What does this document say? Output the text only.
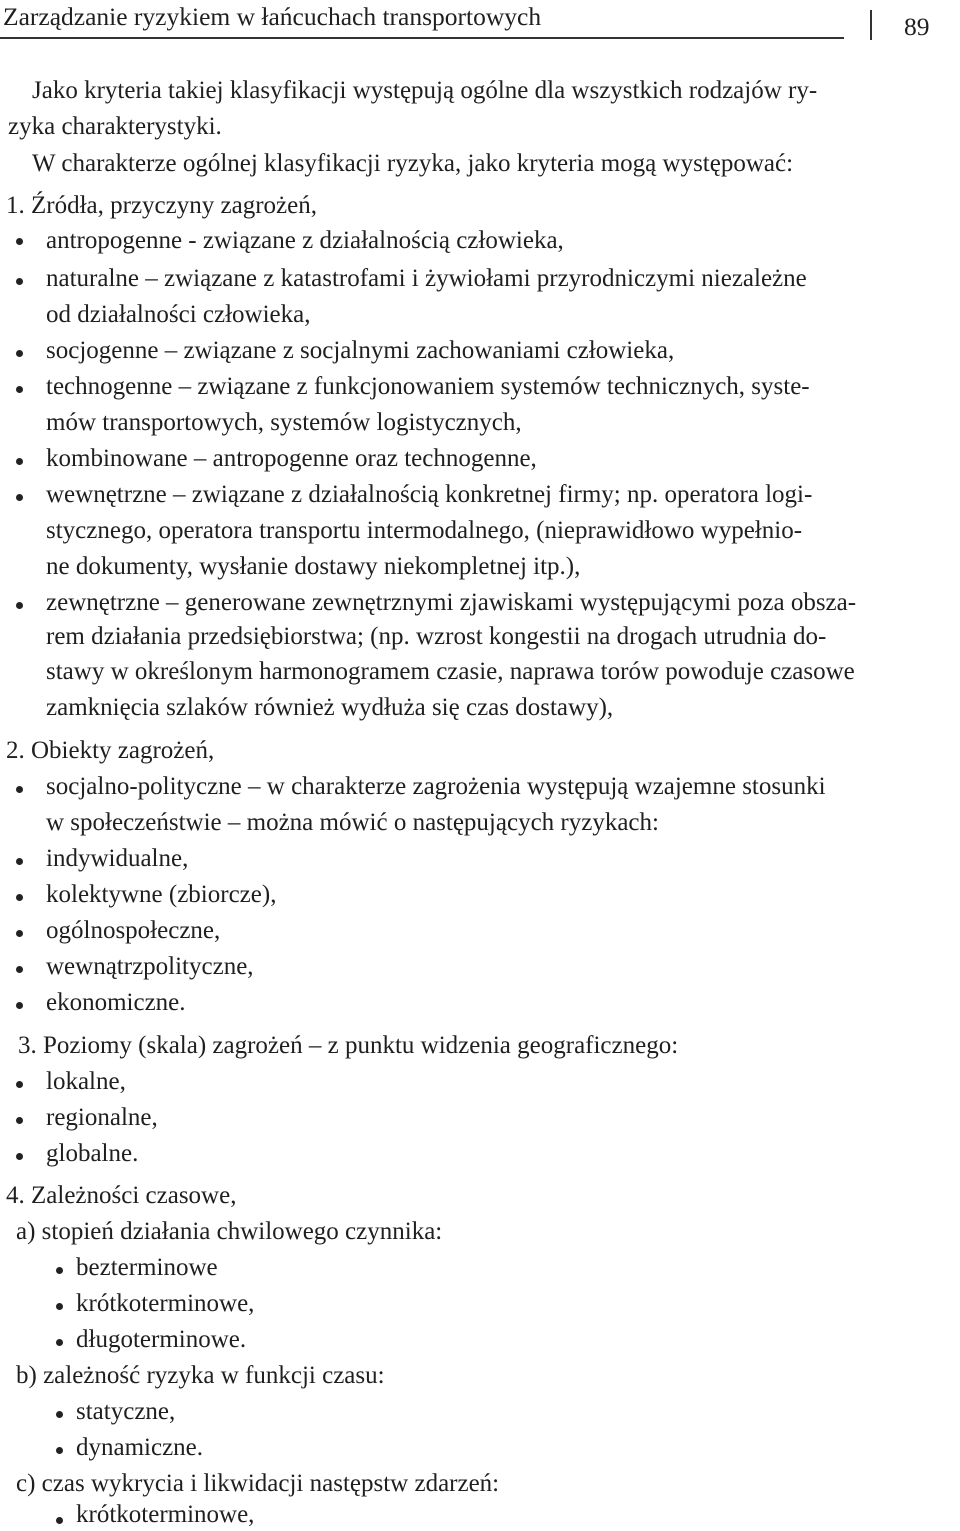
Zarządzanie ryzykiem w łańcuchach transportowych	89
Jako kryteria takiej klasyfikacji występują ogólne dla wszystkich rodzajów ry-
zyka charakterystyki.
W charakterze ogólnej klasyfikacji ryzyka, jako kryteria mogą występować:
1. Źródła, przyczyny zagrożeń,
antropogenne - związane z działalnością człowieka,
naturalne – związane z katastrofami i żywiołami przyrodniczymi niezależne
od działalności człowieka,
socjogenne – związane z socjalnymi zachowaniami człowieka,
technogenne – związane z funkcjonowaniem systemów technicznych, syste-
mów transportowych, systemów logistycznych,
kombinowane – antropogenne oraz technogenne,
wewnętrzne – związane z działalnością konkretnej firmy; np. operatora logi-
stycznego, operatora transportu intermodalnego, (nieprawidłowo wypełnio-
ne dokumenty, wysłanie dostawy niekompletnej itp.),
zewnętrzne – generowane zewnętrznymi zjawiskami występującymi poza obsza-
rem działania przedsiębiorstwa; (np. wzrost kongestii na drogach utrudnia do-
stawy w określonym harmonogramem czasie, naprawa torów powoduje czasowe
zamknięcia szlaków również wydłuża się czas dostawy),
2. Obiekty zagrożeń,
socjalno-polityczne – w charakterze zagrożenia występują wzajemne stosunki
w społeczeństwie – można mówić o następujących ryzykach:
indywidualne,
kolektywne (zbiorcze),
ogólnospołeczne,
wewnątrzpolityczne,
ekonomiczne.
3. Poziomy (skala) zagrożeń – z punktu widzenia geograficznego:
lokalne,
regionalne,
globalne.
4. Zależności czasowe,
a) stopień działania chwilowego czynnika:
bezterminowe
krótkoterminowe,
długoterminowe.
b) zależność ryzyka w funkcji czasu:
statyczne,
dynamiczne.
c) czas wykrycia i likwidacji następstw zdarzeń:
krótkoterminowe,
